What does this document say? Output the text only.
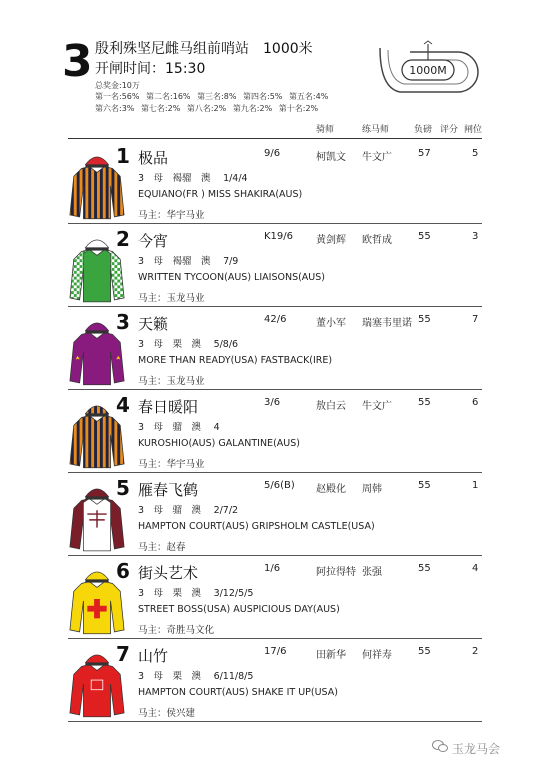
3 殷利殊坚尼雌马组前哨站　1000米
开闸时间：15:30
总奖金:10万
第一名:56% 第二名:16% 第三名:8% 第四名:5% 第五名:4%
第六名:3% 第七名:2% 第八名:2% 第九名:2% 第十名:2%
1000M
骑师	练马师	负磅 评分 闸位
1 极品	9/6	柯凯文 牛文广	57	5
3　母　褐骝　澳　 1/4/4
EQUIANO(FR ) MISS SHAKIRA(AUS)
马主：华宇马业
2 今宵	K19/6 黄剑辉 欧哲成	55	3
3　母　褐骝　澳　 7/9
WRITTEN TYCOON(AUS) LIAISONS(AUS)
马主：玉龙马业
3 天籁	42/6	董小军 瑞塞韦里诺 55	7
3　母　栗　澳　 5/8/6
MORE THAN READY(USA) FASTBACK(IRE)
马主：玉龙马业
4 春日暖阳	3/6	敖白云 牛文广	55	6
3　母　骝　澳　 4
KUROSHIO(AUS) GALANTINE(AUS)
马主：华宇马业
5 雁春飞鹤	5/6(B) 赵殿化 周韩	55	1
3　母　骝　澳　 2/7/2
HAMPTON COURT(AUS) GRIPSHOLM CASTLE(USA)
马主：赵春
6 街头艺术	1/6	阿拉得特 张强	55	4
3　母　栗　澳　 3/12/5/5
STREET BOSS(USA) AUSPICIOUS DAY(AUS)
马主：奇胜马文化
7 山竹	17/6	田新华 何祥寿	55	2
3　母　栗　澳　 6/11/8/5
HAMPTON COURT(AUS) SHAKE IT UP(USA)
马主：侯兴建
玉龙马会
